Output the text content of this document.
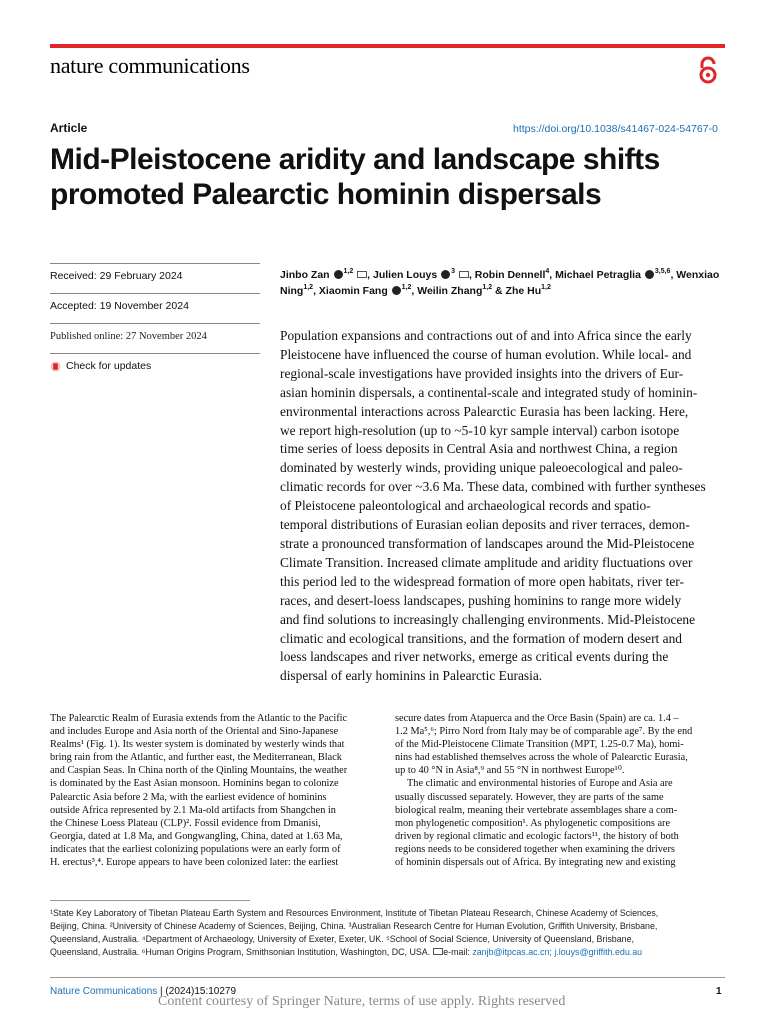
nature communications
Article	https://doi.org/10.1038/s41467-024-54767-0
Mid-Pleistocene aridity and landscape shifts
promoted Palearctic hominin dispersals
Received: 29 February 2024
Accepted: 19 November 2024
Published online: 27 November 2024
Check for updates
Jinbo Zan $^{1,2}$ , Julien Louys $^3$ , Robin Dennell$^4$, Michael Petraglia $^{3,5,6}$, Wenxiao Ning$^{1,2}$, Xiaomin Fang $^{1,2}$, Weilin Zhang$^{1,2}$ & Zhe Hu$^{1,2}$
Population expansions and contractions out of and into Africa since the early
Pleistocene have influenced the course of human evolution. While local- and
regional-scale investigations have provided insights into the drivers of Eur-
asian hominin dispersals, a continental-scale and integrated study of hominin-
environmental interactions across Palearctic Eurasia has been lacking. Here,
we report high-resolution (up to ~5-10 kyr sample interval) carbon isotope
time series of loess deposits in Central Asia and northwest China, a region
dominated by westerly winds, providing unique paleoecological and paleo-
climatic records for over ~3.6 Ma. These data, combined with further syntheses
of Pleistocene paleontological and archaeological records and spatio-
temporal distributions of Eurasian eolian deposits and river terraces, demon-
strate a pronounced transformation of landscapes around the Mid-Pleistocene
Climate Transition. Increased climate amplitude and aridity fluctuations over
this period led to the widespread formation of more open habitats, river ter-
races, and desert-loess landscapes, pushing hominins to range more widely
and find solutions to increasingly challenging environments. Mid-Pleistocene
climatic and ecological transitions, and the formation of modern desert and
loess landscapes and river networks, emerge as critical events during the
dispersal of early hominins in Palearctic Eurasia.
The Palearctic Realm of Eurasia extends from the Atlantic to the Pacific
and includes Europe and Asia north of the Oriental and Sino-Japanese
Realms¹ (Fig. 1). Its wester system is dominated by westerly winds that
bring rain from the Atlantic, and further east, the Mediterranean, Black
and Caspian Seas. In China north of the Qinling Mountains, the weather
is dominated by the East Asian monsoon. Hominins began to colonize
Palearctic Asia before 2 Ma, with the earliest evidence of hominins
outside Africa represented by 2.1 Ma-old artifacts from Shangchen in
the Chinese Loess Plateau (CLP)². Fossil evidence from Dmanisi,
Georgia, dated at 1.8 Ma, and Gongwangling, China, dated at 1.63 Ma,
indicates that the earliest colonizing populations were an early form of
H. erectus³,⁴. Europe appears to have been colonized later: the earliest
secure dates from Atapuerca and the Orce Basin (Spain) are ca. 1.4 –
1.2 Ma⁵,⁶; Pirro Nord from Italy may be of comparable age⁷. By the end
of the Mid-Pleistocene Climate Transition (MPT, 1.25-0.7 Ma), homi-
nins had established themselves across the whole of Palearctic Eurasia,
up to 40 °N in Asia⁸,⁹ and 55 °N in northwest Europe¹⁰.
The climatic and environmental histories of Europe and Asia are
usually discussed separately. However, they are parts of the same
biological realm, meaning their vertebrate assemblages share a com-
mon phylogenetic composition¹. As phylogenetic compositions are
driven by regional climatic and ecologic factors¹¹, the history of both
regions needs to be considered together when examining the drivers
of hominin dispersals out of Africa. By integrating new and existing
¹State Key Laboratory of Tibetan Plateau Earth System and Resources Environment, Institute of Tibetan Plateau Research, Chinese Academy of Sciences,
Beijing, China. ²University of Chinese Academy of Sciences, Beijing, China. ³Australian Research Centre for Human Evolution, Griffith University, Brisbane,
Queensland, Australia. ⁴Department of Archaeology, University of Exeter, Exeter, UK. ⁵School of Social Science, University of Queensland, Brisbane,
Queensland, Australia. ⁶Human Origins Program, Smithsonian Institution, Washington, DC, USA. e-mail: zanjb@itpcas.ac.cn; j.louys@griffith.edu.au
Nature Communications | (2024)15:10279	1
Content courtesy of Springer Nature, terms of use apply. Rights reserved
